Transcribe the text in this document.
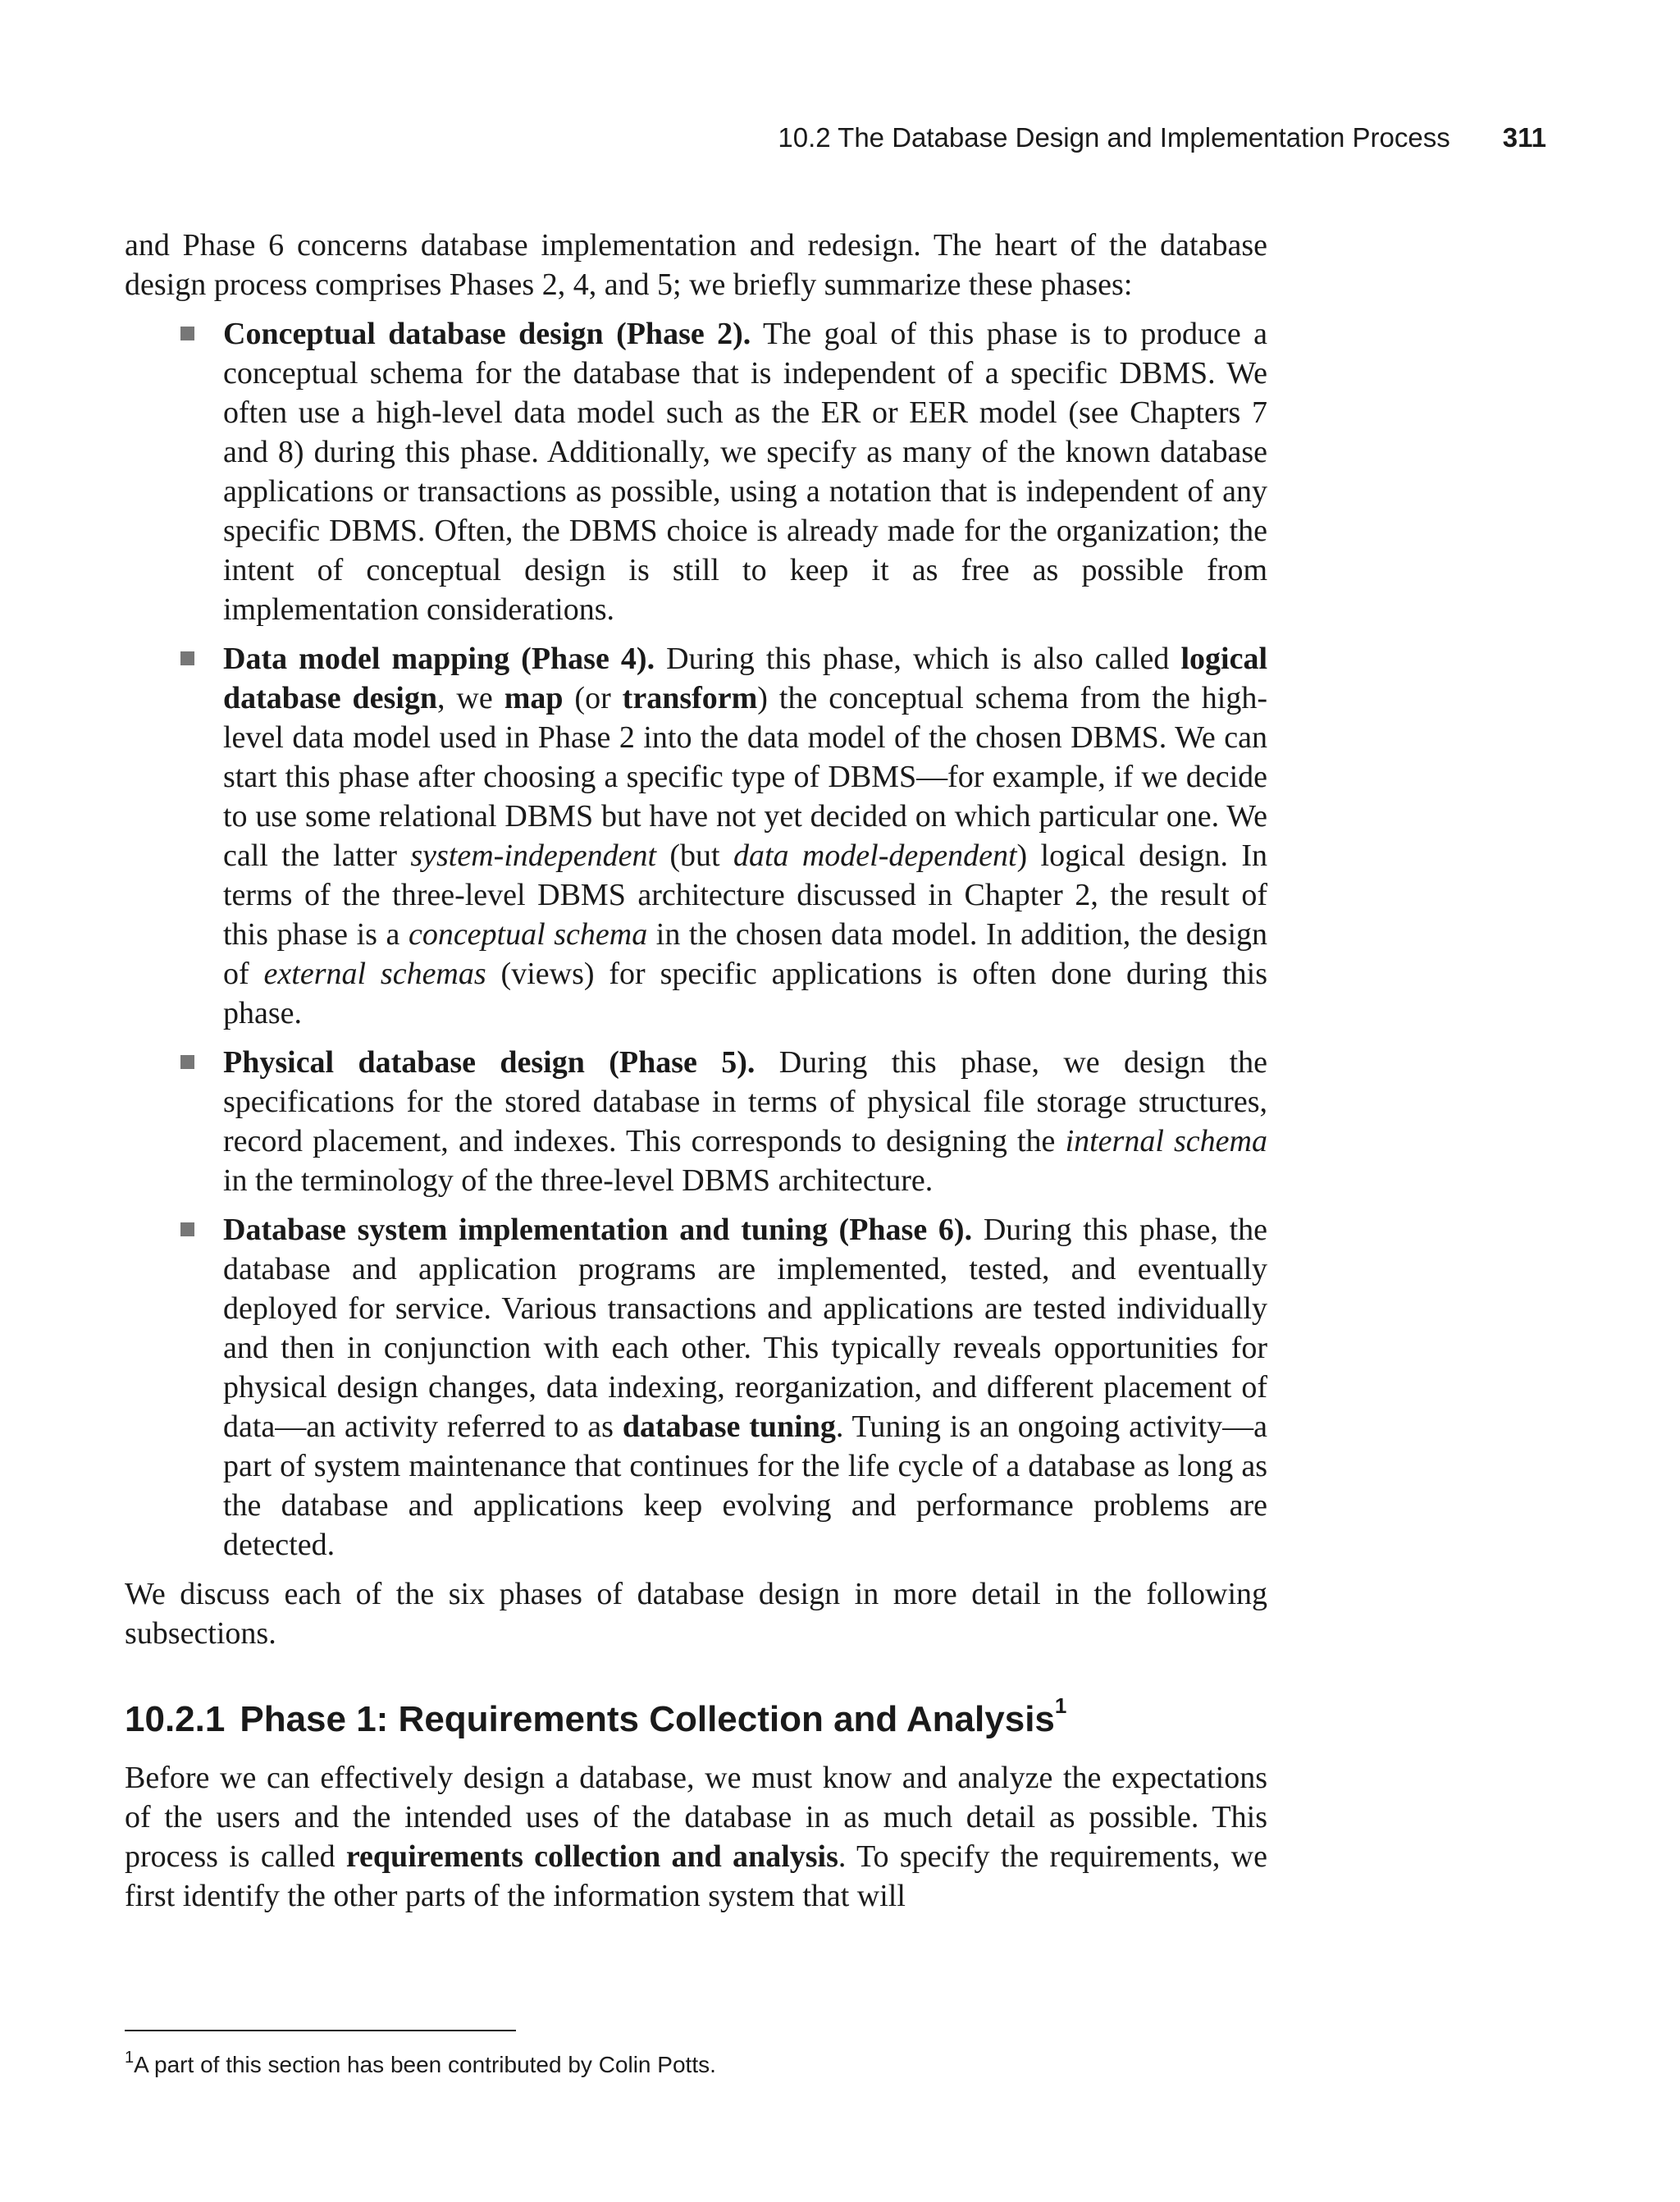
10.2 The Database Design and Implementation Process 311

and Phase 6 concerns database implementation and redesign. The heart of the database design process comprises Phases 2, 4, and 5; we briefly summarize these phases:

Conceptual database design (Phase 2). The goal of this phase is to produce a conceptual schema for the database that is independent of a specific DBMS. We often use a high-level data model such as the ER or EER model (see Chapters 7 and 8) during this phase. Additionally, we specify as many of the known database applications or transactions as possible, using a notation that is independent of any specific DBMS. Often, the DBMS choice is already made for the organization; the intent of conceptual design is still to keep it as free as possible from implementation considerations.
Data model mapping (Phase 4). During this phase, which is also called logical database design, we map (or transform) the conceptual schema from the high-level data model used in Phase 2 into the data model of the chosen DBMS. We can start this phase after choosing a specific type of DBMS—for example, if we decide to use some relational DBMS but have not yet decided on which particular one. We call the latter system-independent (but data model-dependent) logical design. In terms of the three-level DBMS architecture discussed in Chapter 2, the result of this phase is a conceptual schema in the chosen data model. In addition, the design of external schemas (views) for specific applications is often done during this phase.
Physical database design (Phase 5). During this phase, we design the specifications for the stored database in terms of physical file storage structures, record placement, and indexes. This corresponds to designing the internal schema in the terminology of the three-level DBMS architecture.
Database system implementation and tuning (Phase 6). During this phase, the database and application programs are implemented, tested, and eventually deployed for service. Various transactions and applications are tested individually and then in conjunction with each other. This typically reveals opportunities for physical design changes, data indexing, reorganization, and different placement of data—an activity referred to as database tuning. Tuning is an ongoing activity—a part of system maintenance that continues for the life cycle of a database as long as the database and applications keep evolving and performance problems are detected.

We discuss each of the six phases of database design in more detail in the following subsections.

10.2.1 Phase 1: Requirements Collection and Analysis$^1$

Before we can effectively design a database, we must know and analyze the expectations of the users and the intended uses of the database in as much detail as possible. This process is called requirements collection and analysis. To specify the requirements, we first identify the other parts of the information system that will

$^1$A part of this section has been contributed by Colin Potts.
